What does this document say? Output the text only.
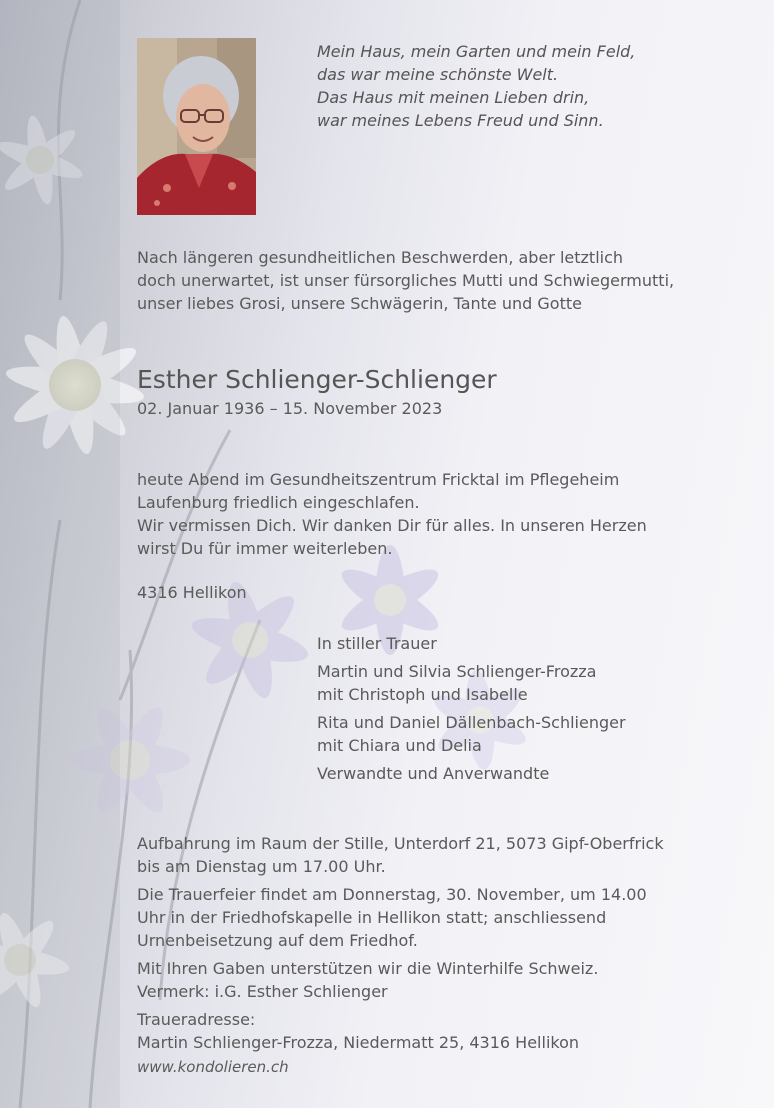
Mein Haus, mein Garten und mein Feld,
das war meine schönste Welt.
Das Haus mit meinen Lieben drin,
war meines Lebens Freud und Sinn.
Nach längeren gesundheitlichen Beschwerden, aber letztlich
doch unerwartet, ist unser fürsorgliches Mutti und Schwiegermutti,
unser liebes Grosi, unsere Schwägerin, Tante und Gotte
Esther Schlienger-Schlienger
02. Januar 1936 – 15. November 2023
heute Abend im Gesundheitszentrum Fricktal im Pflegeheim
Laufenburg friedlich eingeschlafen.
Wir vermissen Dich. Wir danken Dir für alles. In unseren Herzen
wirst Du für immer weiterleben.
4316 Hellikon
In stiller Trauer
Martin und Silvia Schlienger-Frozza
mit Christoph und Isabelle
Rita und Daniel Dällenbach-Schlienger
mit Chiara und Delia
Verwandte und Anverwandte
Aufbahrung im Raum der Stille, Unterdorf 21, 5073 Gipf-Oberfrick
bis am Dienstag um 17.00 Uhr.
Die Trauerfeier findet am Donnerstag, 30. November, um 14.00
Uhr in der Friedhofskapelle in Hellikon statt; anschliessend
Urnenbeisetzung auf dem Friedhof.
Mit Ihren Gaben unterstützen wir die Winterhilfe Schweiz.
Vermerk: i.G. Esther Schlienger
Traueradresse:
Martin Schlienger-Frozza, Niedermatt 25, 4316 Hellikon
www.kondolieren.ch
